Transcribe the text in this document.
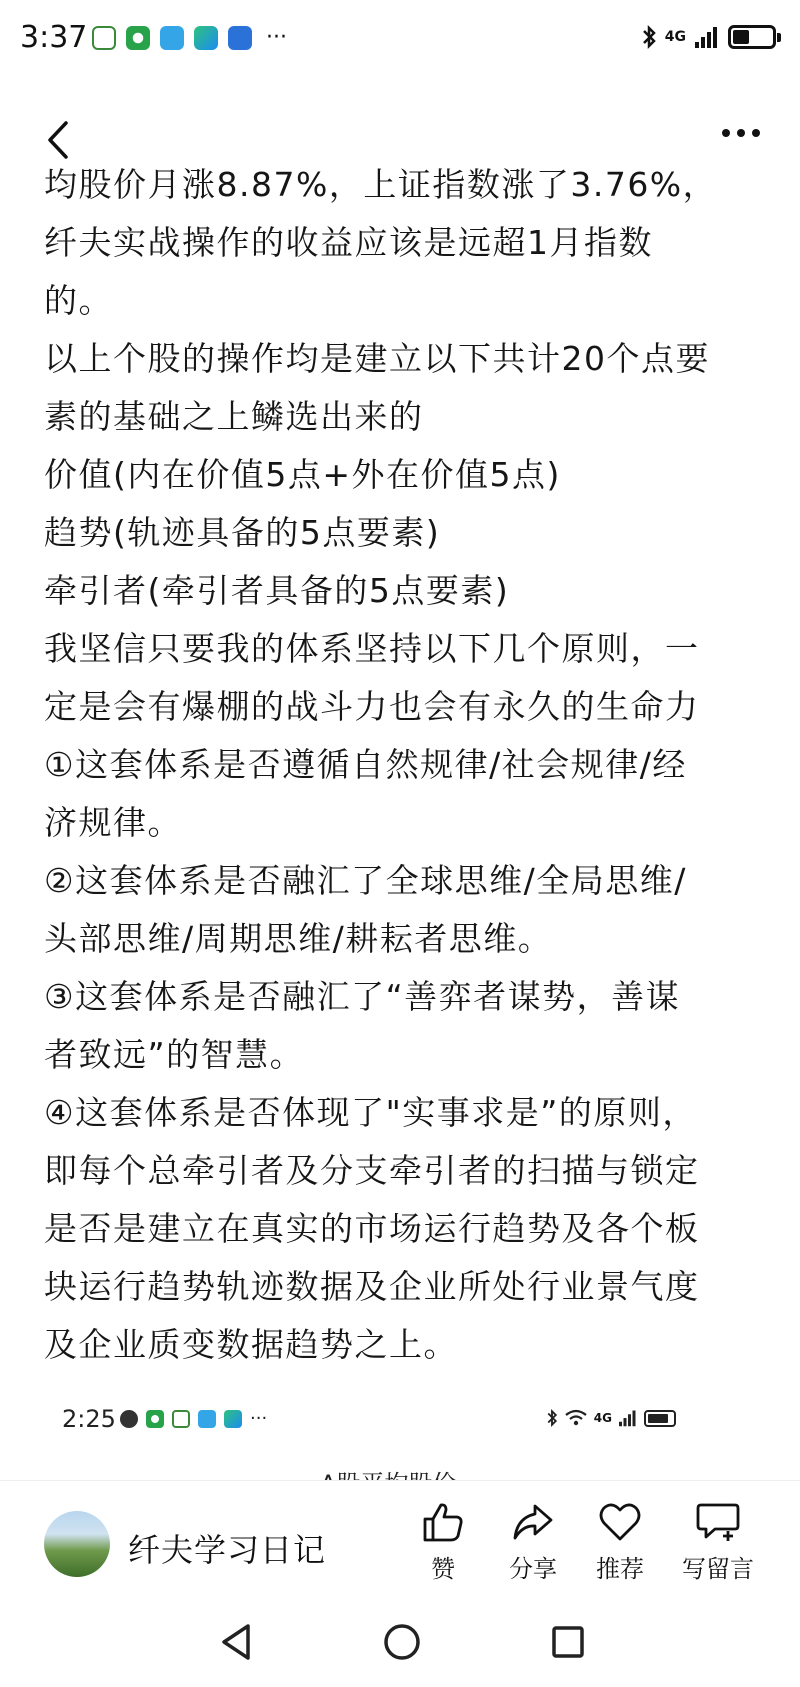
3:37	···	4G

均股价月涨8.87%，上证指数涨了3.76%，

纤夫实战操作的收益应该是远超1月指数

的。

以上个股的操作均是建立以下共计20个点要

素的基础之上鳞选出来的

价值(内在价值5点+外在价值5点)

趋势(轨迹具备的5点要素)

牵引者(牵引者具备的5点要素)

我坚信只要我的体系坚持以下几个原则，一

定是会有爆棚的战斗力也会有永久的生命力

①这套体系是否遵循自然规律/社会规律/经

济规律。

②这套体系是否融汇了全球思维/全局思维/

头部思维/周期思维/耕耘者思维。

③这套体系是否融汇了“善弈者谋势，善谋

者致远”的智慧。

④这套体系是否体现了"实事求是”的原则，

即每个总牵引者及分支牵引者的扫描与锁定

是否是建立在真实的市场运行趋势及各个板

块运行趋势轨迹数据及企业所处行业景气度

及企业质变数据趋势之上。

2:25	···	4G
纤夫学习日记	赞	分享	推荐	写留言
